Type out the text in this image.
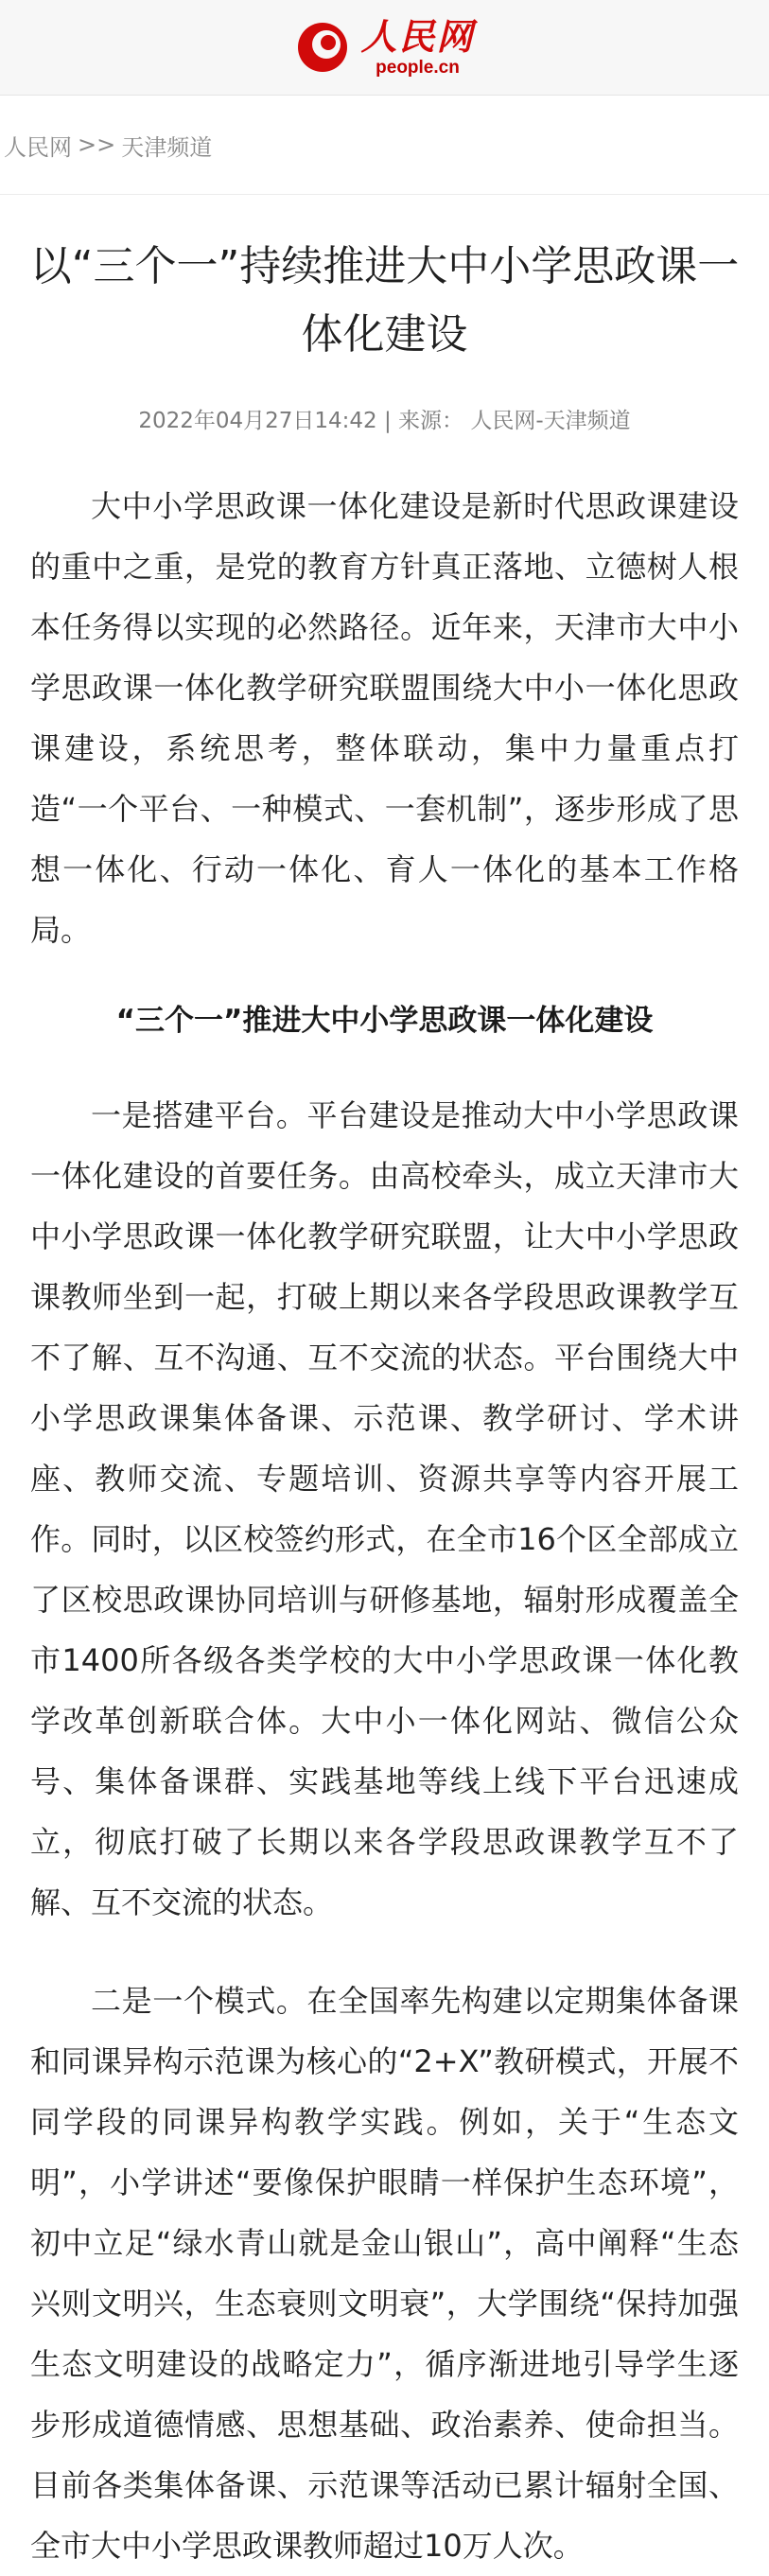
人民网
people.cn
人民网 >> 天津频道
以“三个一”持续推进大中小学思政课一体化建设
2022年04月27日14:42 | 来源： 人民网-天津频道

大中小学思政课一体化建设是新时代思政课建设的重中之重，是党的教育方针真正落地、立德树人根本任务得以实现的必然路径。近年来，天津市大中小学思政课一体化教学研究联盟围绕大中小一体化思政课建设，系统思考，整体联动，集中力量重点打造“一个平台、一种模式、一套机制”，逐步形成了思想一体化、行动一体化、育人一体化的基本工作格局。

“三个一”推进大中小学思政课一体化建设

一是搭建平台。平台建设是推动大中小学思政课一体化建设的首要任务。由高校牵头，成立天津市大中小学思政课一体化教学研究联盟，让大中小学思政课教师坐到一起，打破上期以来各学段思政课教学互不了解、互不沟通、互不交流的状态。平台围绕大中小学思政课集体备课、示范课、教学研讨、学术讲座、教师交流、专题培训、资源共享等内容开展工作。同时，以区校签约形式，在全市16个区全部成立了区校思政课协同培训与研修基地，辐射形成覆盖全市1400所各级各类学校的大中小学思政课一体化教学改革创新联合体。大中小一体化网站、微信公众号、集体备课群、实践基地等线上线下平台迅速成立，彻底打破了长期以来各学段思政课教学互不了解、互不交流的状态。

二是一个模式。在全国率先构建以定期集体备课和同课异构示范课为核心的“2+X”教研模式，开展不同学段的同课异构教学实践。例如，关于“生态文明”，小学讲述“要像保护眼睛一样保护生态环境”，初中立足“绿水青山就是金山银山”，高中阐释“生态兴则文明兴，生态衰则文明衰”，大学围绕“保持加强生态文明建设的战略定力”，循序渐进地引导学生逐步形成道德情感、思想基础、政治素养、使命担当。目前各类集体备课、示范课等活动已累计辐射全国、全市大中小学思政课教师超过10万人次。
